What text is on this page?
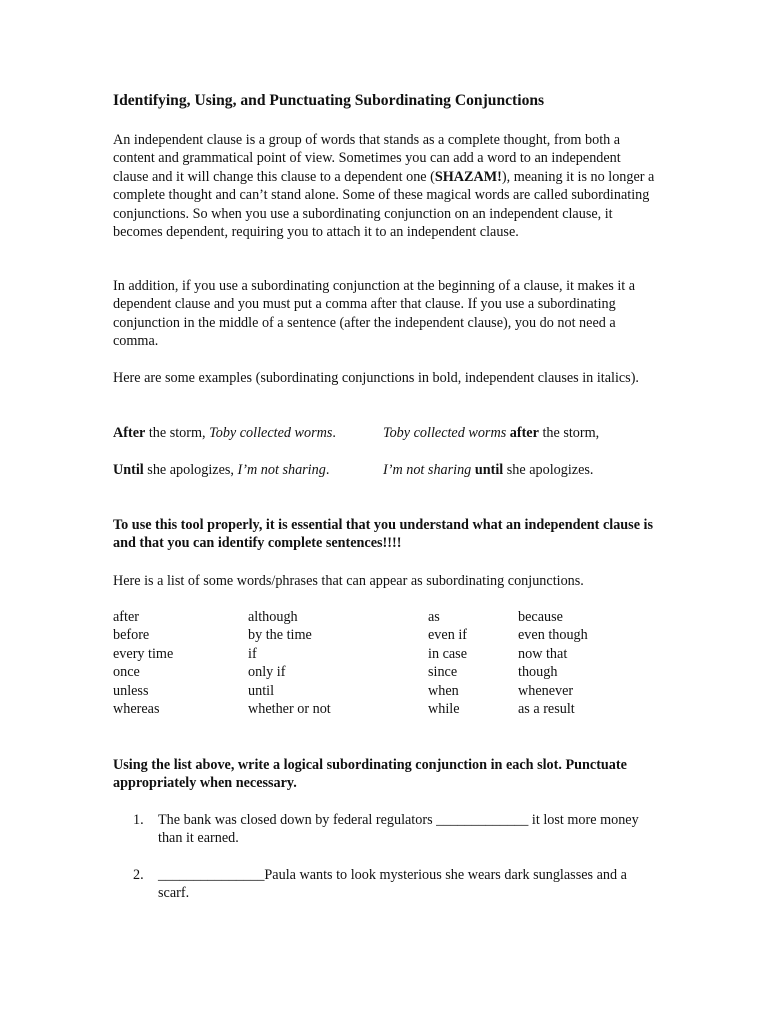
Identifying, Using, and Punctuating Subordinating Conjunctions

An independent clause is a group of words that stands as a complete thought, from both a content and grammatical point of view. Sometimes you can add a word to an independent clause and it will change this clause to a dependent one (SHAZAM!), meaning it is no longer a complete thought and can’t stand alone. Some of these magical words are called subordinating conjunctions. So when you use a subordinating conjunction on an independent clause, it becomes dependent, requiring you to attach it to an independent clause.

In addition, if you use a subordinating conjunction at the beginning of a clause, it makes it a dependent clause and you must put a comma after that clause. If you use a subordinating conjunction in the middle of a sentence (after the independent clause), you do not need a comma.

Here are some examples (subordinating conjunctions in bold, independent clauses in italics).

After the storm, Toby collected worms.	Toby collected worms after the storm,
Until she apologizes, I’m not sharing.	I’m not sharing until she apologizes.

To use this tool properly, it is essential that you understand what an independent clause is and that you can identify complete sentences!!!!

Here is a list of some words/phrases that can appear as subordinating conjunctions.
after	although	as	because
before	by the time	even if	even though
every time	if	in case	now that
once	only if	since	though
unless	until	when	whenever
whereas	whether or not	while	as a result

Using the list above, write a logical subordinating conjunction in each slot. Punctuate appropriately when necessary.

1. The bank was closed down by federal regulators _____________ it lost more money than it earned.
2. _______________Paula wants to look mysterious she wears dark sunglasses and a scarf.
